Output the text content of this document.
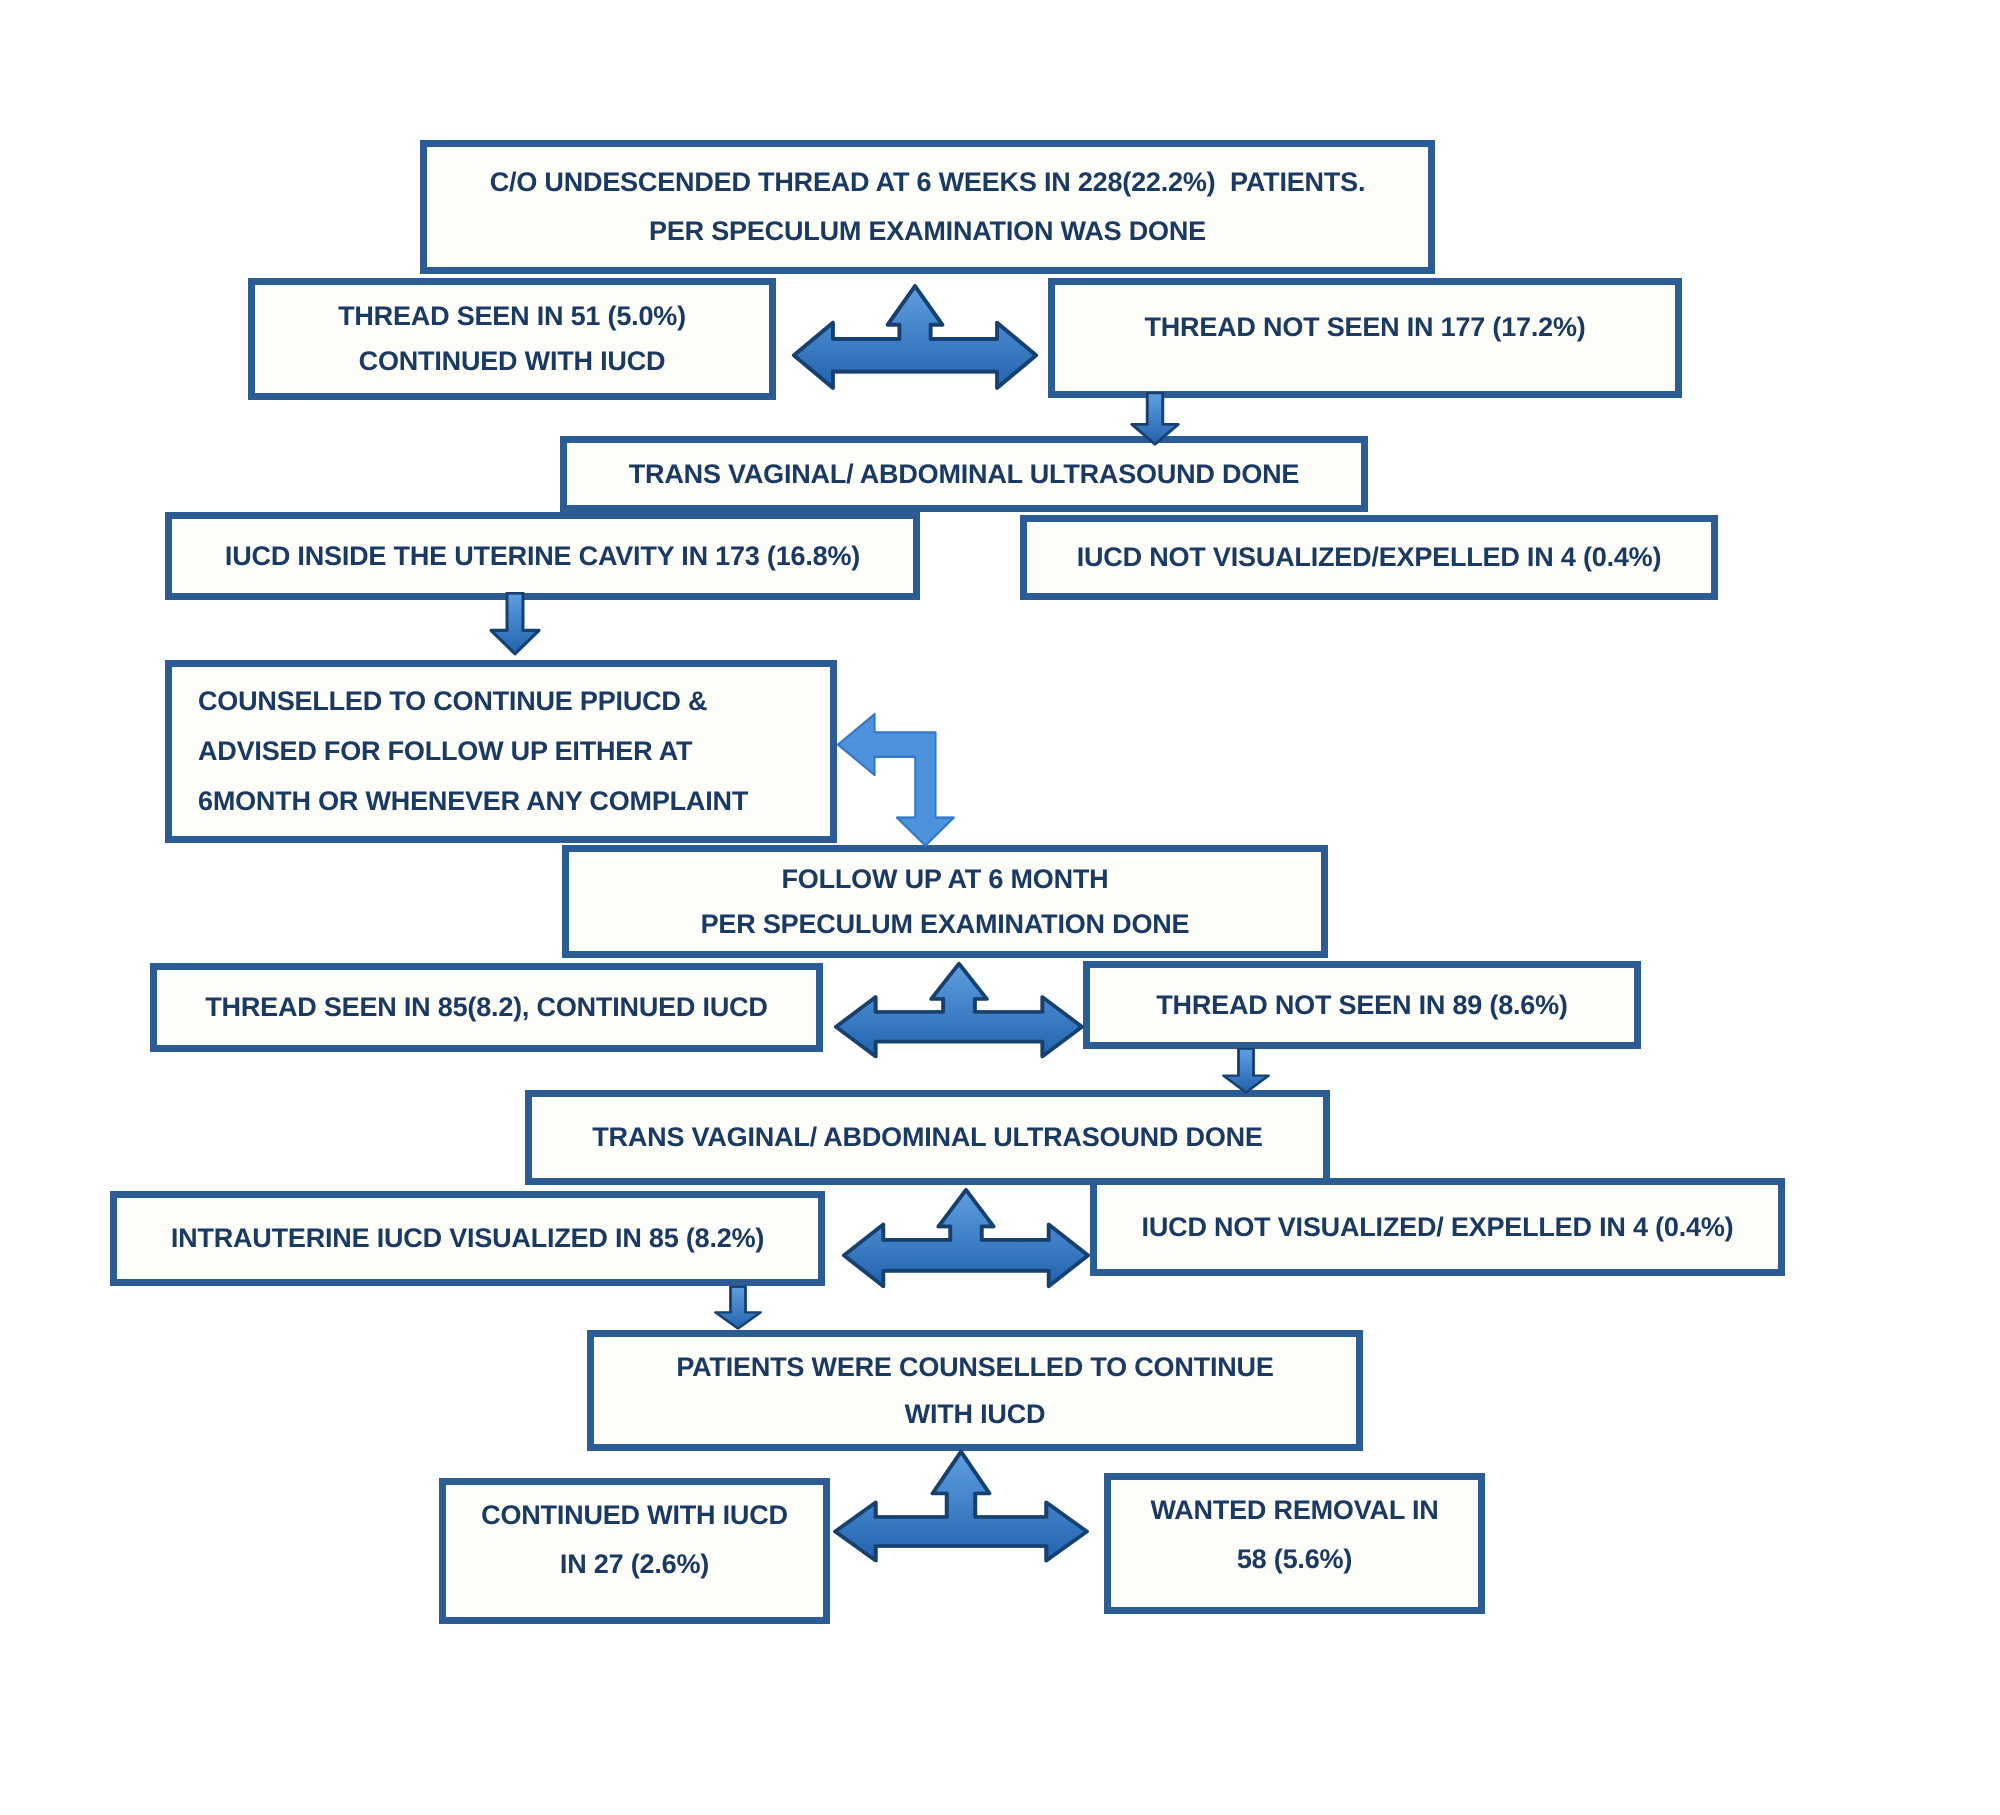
C/O UNDESCENDED THREAD AT 6 WEEKS IN 228(22.2%)  PATIENTS.
PER SPECULUM EXAMINATION WAS DONE
THREAD SEEN IN 51 (5.0%)
CONTINUED WITH IUCD
THREAD NOT SEEN IN 177 (17.2%)
TRANS VAGINAL/ ABDOMINAL ULTRASOUND DONE
IUCD INSIDE THE UTERINE CAVITY IN 173 (16.8%)	IUCD NOT VISUALIZED/EXPELLED IN 4 (0.4%)
COUNSELLED TO CONTINUE PPIUCD &
ADVISED FOR FOLLOW UP EITHER AT
6MONTH OR WHENEVER ANY COMPLAINT
FOLLOW UP AT 6 MONTH
PER SPECULUM EXAMINATION DONE
THREAD SEEN IN 85(8.2), CONTINUED IUCD	THREAD NOT SEEN IN 89 (8.6%)
TRANS VAGINAL/ ABDOMINAL ULTRASOUND DONE
INTRAUTERINE IUCD VISUALIZED IN 85 (8.2%)	IUCD NOT VISUALIZED/ EXPELLED IN 4 (0.4%)
PATIENTS WERE COUNSELLED TO CONTINUE
WITH IUCD
CONTINUED WITH IUCD
IN 27 (2.6%)
WANTED REMOVAL IN
58 (5.6%)
